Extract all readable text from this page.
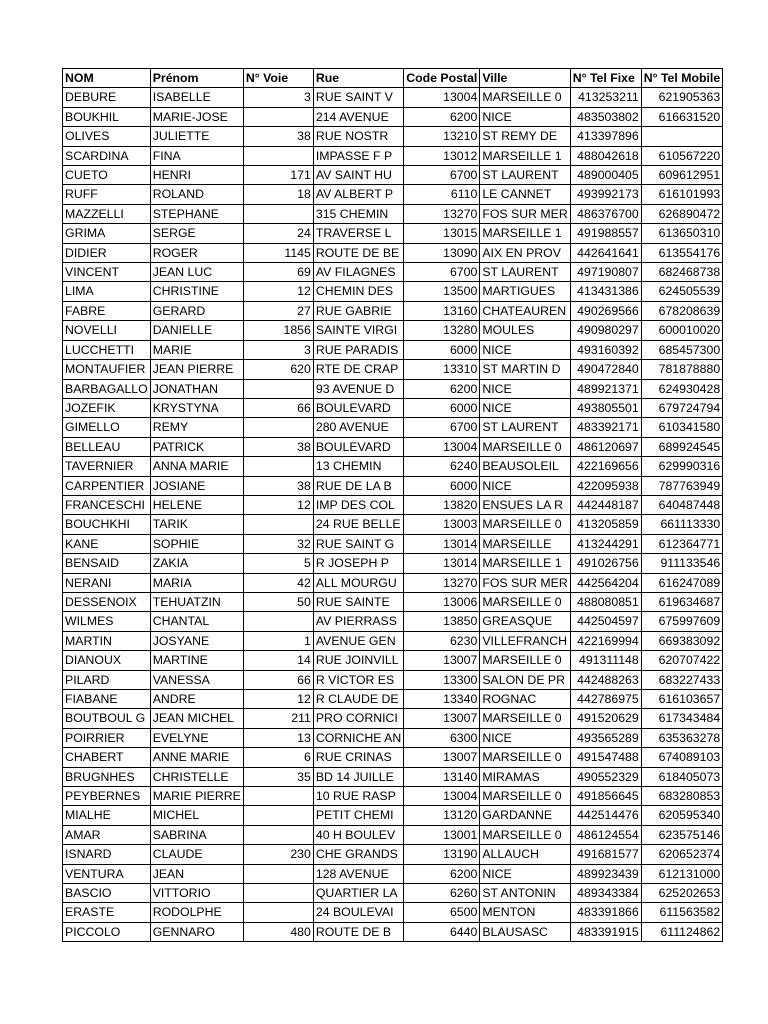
NOM	Prénom	N° Voie	Rue	Code Postal	Ville	N° Tel Fixe	N° Tel Mobile
DEBURE	ISABELLE	3	RUE SAINT V	13004	MARSEILLE 0	413253211	621905363
BOUKHIL	MARIE-JOSE		214 AVENUE	6200	NICE	483503802	616631520
OLIVES	JULIETTE	38	RUE NOSTR	13210	ST REMY DE	413397896	
SCARDINA	FINA		IMPASSE F P	13012	MARSEILLE 1	488042618	610567220
CUETO	HENRI	171	AV SAINT HU	6700	ST LAURENT	489000405	609612951
RUFF	ROLAND	18	AV ALBERT P	6110	LE CANNET	493992173	616101993
MAZZELLI	STEPHANE		315 CHEMIN	13270	FOS SUR MER	486376700	626890472
GRIMA	SERGE	24	TRAVERSE L	13015	MARSEILLE 1	491988557	613650310
DIDIER	ROGER	1145	ROUTE DE BE	13090	AIX EN PROV	442641641	613554176
VINCENT	JEAN LUC	69	AV FILAGNES	6700	ST LAURENT	497190807	682468738
LIMA	CHRISTINE	12	CHEMIN DES	13500	MARTIGUES	413431386	624505539
FABRE	GERARD	27	RUE GABRIE	13160	CHATEAUREN	490269566	678208639
NOVELLI	DANIELLE	1856	SAINTE VIRGI	13280	MOULES	490980297	600010020
LUCCHETTI	MARIE	3	RUE PARADIS	6000	NICE	493160392	685457300
MONTAUFIER	JEAN PIERRE	620	RTE DE CRAP	13310	ST MARTIN D	490472840	781878880
BARBAGALLO	JONATHAN		93 AVENUE D	6200	NICE	489921371	624930428
JOZEFIK	KRYSTYNA	66	BOULEVARD	6000	NICE	493805501	679724794
GIMELLO	REMY		280 AVENUE	6700	ST LAURENT	483392171	610341580
BELLEAU	PATRICK	38	BOULEVARD	13004	MARSEILLE 0	486120697	689924545
TAVERNIER	ANNA MARIE		13 CHEMIN	6240	BEAUSOLEIL	422169656	629990316
CARPENTIER	JOSIANE	38	RUE DE LA B	6000	NICE	422095938	787763949
FRANCESCHI	HELENE	12	IMP DES COL	13820	ENSUES LA R	442448187	640487448
BOUCHKHI	TARIK		24 RUE BELLE	13003	MARSEILLE 0	413205859	661113330
KANE	SOPHIE	32	RUE SAINT G	13014	MARSEILLE	413244291	612364771
BENSAID	ZAKIA	5	R JOSEPH P	13014	MARSEILLE 1	491026756	911133546
NERANI	MARIA	42	ALL MOURGU	13270	FOS SUR MER	442564204	616247089
DESSENOIX	TEHUATZIN	50	RUE SAINTE	13006	MARSEILLE 0	488080851	619634687
WILMES	CHANTAL		AV PIERRASS	13850	GREASQUE	442504597	675997609
MARTIN	JOSYANE	1	AVENUE GEN	6230	VILLEFRANCH	422169994	669383092
DIANOUX	MARTINE	14	RUE JOINVILL	13007	MARSEILLE 0	491311148	620707422
PILARD	VANESSA	66	R VICTOR ES	13300	SALON DE PR	442488263	683227433
FIABANE	ANDRE	12	R CLAUDE DE	13340	ROGNAC	442786975	616103657
BOUTBOUL G	JEAN MICHEL	211	PRO CORNICI	13007	MARSEILLE 0	491520629	617343484
POIRRIER	EVELYNE	13	CORNICHE AN	6300	NICE	493565289	635363278
CHABERT	ANNE MARIE	6	RUE CRINAS	13007	MARSEILLE 0	491547488	674089103
BRUGNHES	CHRISTELLE	35	BD 14 JUILLE	13140	MIRAMAS	490552329	618405073
PEYBERNES	MARIE PIERRE		10 RUE RASP	13004	MARSEILLE 0	491856645	683280853
MIALHE	MICHEL		PETIT CHEMI	13120	GARDANNE	442514476	620595340
AMAR	SABRINA		40 H BOULEV	13001	MARSEILLE 0	486124554	623575146
ISNARD	CLAUDE	230	CHE GRANDS	13190	ALLAUCH	491681577	620652374
VENTURA	JEAN		128 AVENUE	6200	NICE	489923439	612131000
BASCIO	VITTORIO		QUARTIER LA	6260	ST ANTONIN	489343384	625202653
ERASTE	RODOLPHE		24 BOULEVAI	6500	MENTON	483391866	611563582
PICCOLO	GENNARO	480	ROUTE DE B	6440	BLAUSASC	483391915	611124862
